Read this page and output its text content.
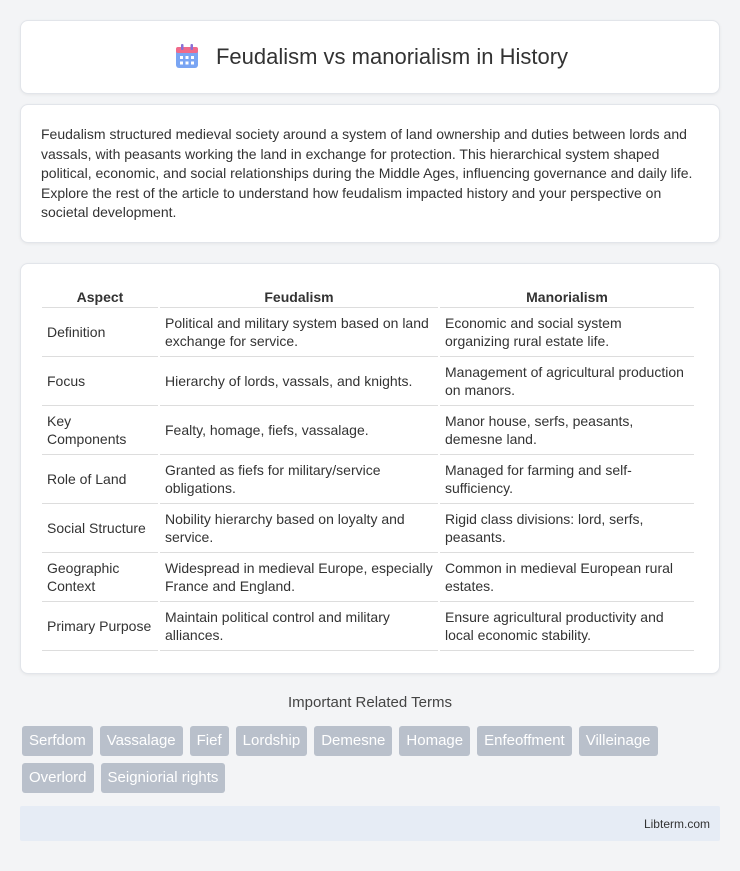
Feudalism vs manorialism in History

Feudalism structured medieval society around a system of land ownership and duties between lords and vassals, with peasants working the land in exchange for protection. This hierarchical system shaped political, economic, and social relationships during the Middle Ages, influencing governance and daily life. Explore the rest of the article to understand how feudalism impacted history and your perspective on societal development.

Aspect	Feudalism	Manorialism
Definition	Political and military system based on land exchange for service.	Economic and social system organizing rural estate life.
Focus	Hierarchy of lords, vassals, and knights.	Management of agricultural production on manors.
Key Components	Fealty, homage, fiefs, vassalage.	Manor house, serfs, peasants, demesne land.
Role of Land	Granted as fiefs for military/service obligations.	Managed for farming and self-sufficiency.
Social Structure	Nobility hierarchy based on loyalty and service.	Rigid class divisions: lord, serfs, peasants.
Geographic Context	Widespread in medieval Europe, especially France and England.	Common in medieval European rural estates.
Primary Purpose	Maintain political control and military alliances.	Ensure agricultural productivity and local economic stability.
Important Related Terms
Serfdom	Vassalage	Fief	Lordship	Demesne	Homage	Enfeoffment	Villeinage
Overlord	Seigniorial rights
Libterm.com
